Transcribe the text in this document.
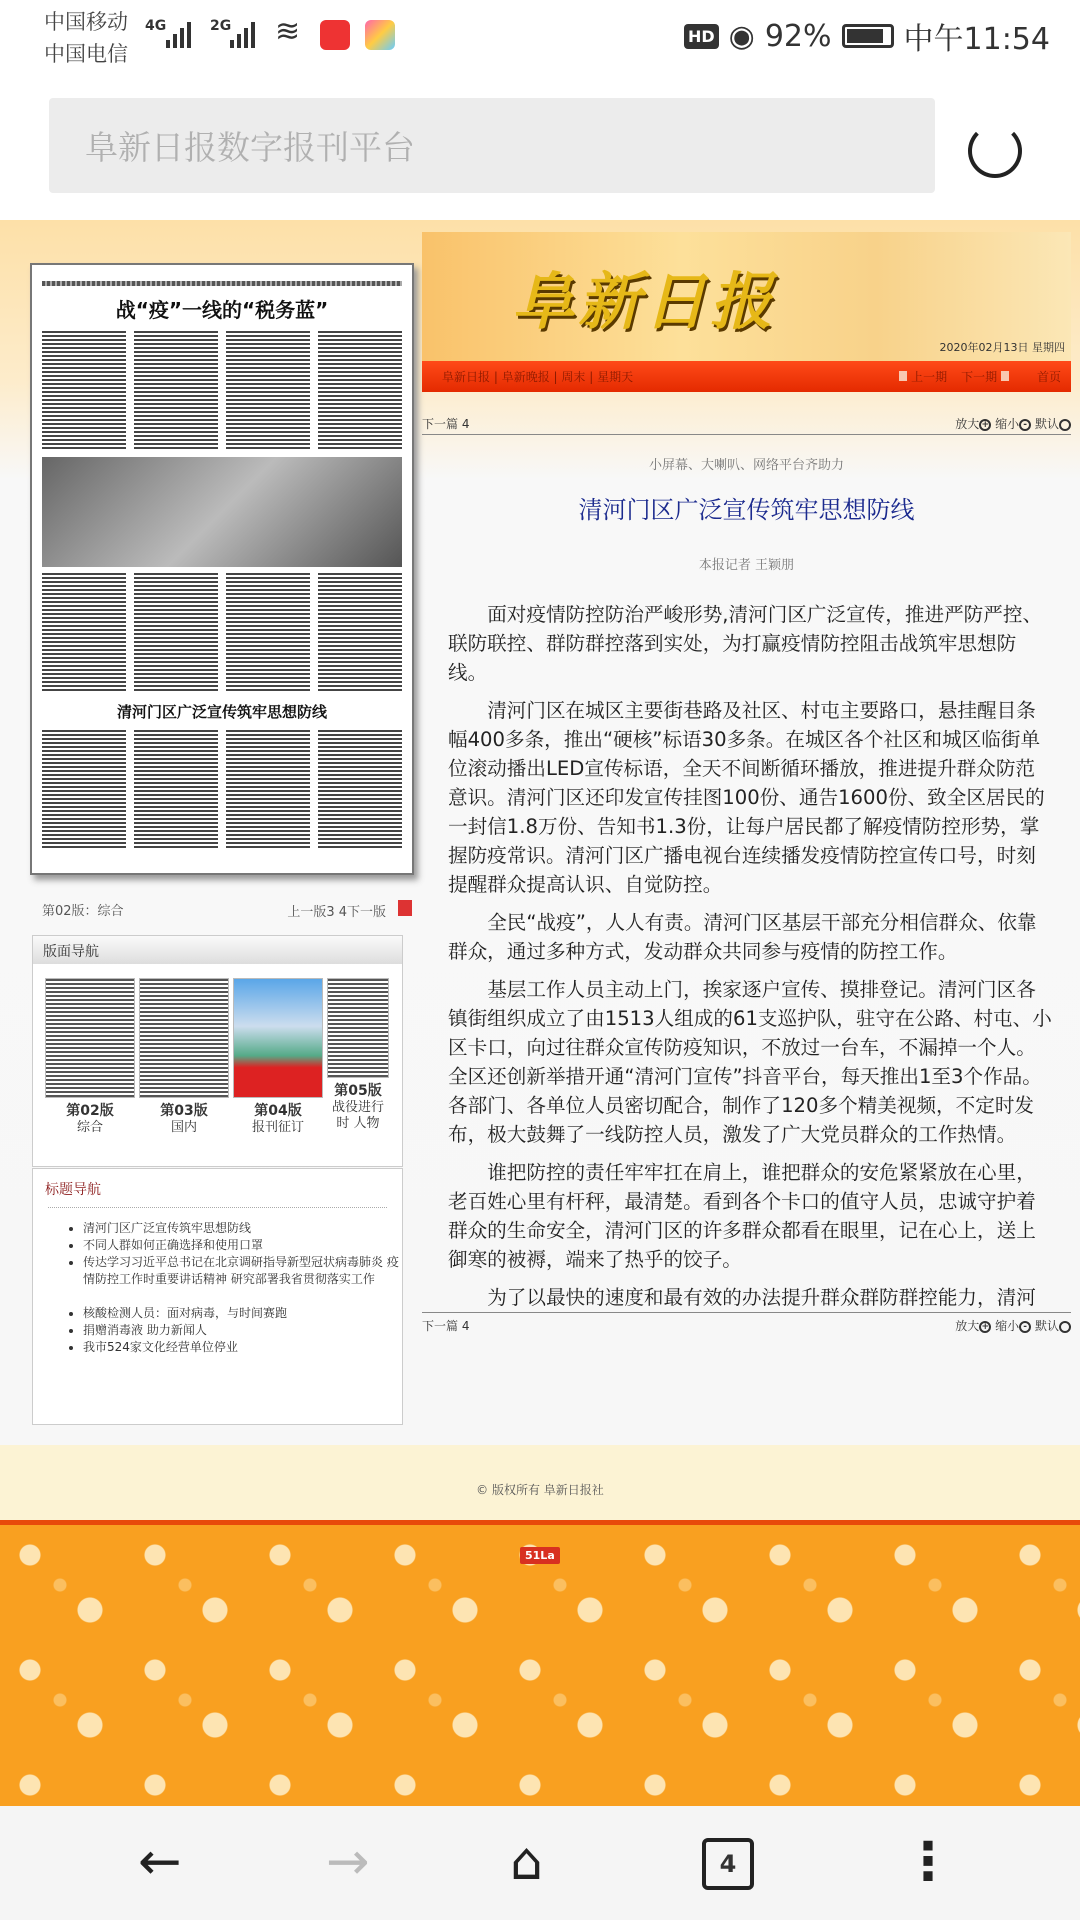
中国移动
中国电信
4G	2G ≋	HD ◉ 92% 中午11:54
阜新日报数字报刊平台
战“疫”一线的“税务蓝”
清河门区广泛宣传筑牢思想防线
第02版：综合	上一版3 4下一版
版面导航
第02版
综合
第03版
国内
第04版
报刊征订
第05版
战役进行时 人物
标题导航
• 清河门区广泛宣传筑牢思想防线
• 不同人群如何正确选择和使用口罩
• 传达学习习近平总书记在北京调研指导新型冠状病毒肺炎 疫情防控工作时重要讲话精神 研究部署我省贯彻落实工作
• 核酸检测人员：面对病毒，与时间赛跑
• 捐赠消毒液 助力新闻人
• 我市524家文化经营单位停业
阜新日报
2020年02月13日 星期四
阜新日报 | 阜新晚报 | 周末 | 星期天	上一期 下一期	首页
下一篇 4	放大 + 缩小 - 默认
小屏幕、大喇叭、网络平台齐助力
清河门区广泛宣传筑牢思想防线
本报记者 王颖朋

面对疫情防控防治严峻形势,清河门区广泛宣传，推进严防严控、联防联控、群防群控落到实处，为打赢疫情防控阻击战筑牢思想防线。

清河门区在城区主要街巷路及社区、村屯主要路口，悬挂醒目条幅400多条，推出“硬核”标语30多条。在城区各个社区和城区临街单位滚动播出LED宣传标语，全天不间断循环播放，推进提升群众防范意识。清河门区还印发宣传挂图100份、通告1600份、致全区居民的一封信1.8万份、告知书1.3份，让每户居民都了解疫情防控形势，掌握防疫常识。清河门区广播电视台连续播发疫情防控宣传口号，时刻提醒群众提高认识、自觉防控。

全民“战疫”，人人有责。清河门区基层干部充分相信群众、依靠群众，通过多种方式，发动群众共同参与疫情的防控工作。

基层工作人员主动上门，挨家逐户宣传、摸排登记。清河门区各镇街组织成立了由1513人组成的61支巡护队，驻守在公路、村屯、小区卡口，向过往群众宣传防疫知识，不放过一台车，不漏掉一个人。全区还创新举措开通“清河门宣传”抖音平台，每天推出1至3个作品。各部门、各单位人员密切配合，制作了120多个精美视频，不定时发布，极大鼓舞了一线防控人员，激发了广大党员群众的工作热情。

谁把防控的责任牢牢扛在肩上，谁把群众的安危紧紧放在心里，老百姓心里有杆秤，最清楚。看到各个卡口的值守人员，忠诚守护着群众的生命安全，清河门区的许多群众都看在眼里，记在心上，送上御寒的被褥，端来了热乎的饺子。

为了以最快的速度和最有效的办法提升群众群防群控能力，清河

下一篇 4	放大 + 缩小 - 默认
© 版权所有 阜新日报社
51La
←	→	⌂	⋮
4
